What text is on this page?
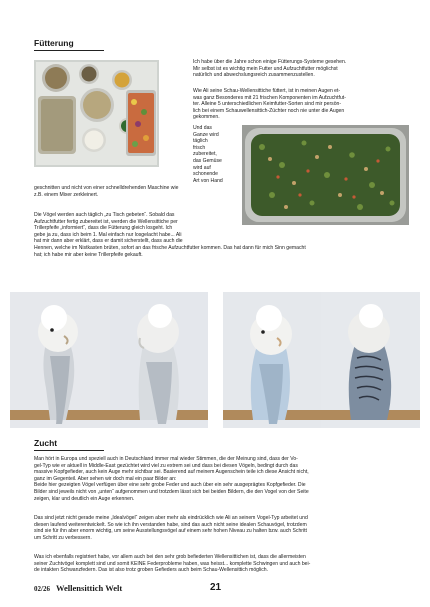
Fütterung

Ich habe über die Jahre schon einige Fütterungs-Systeme gesehen.
Mir selbst ist es wichtig mein Futter und Aufzuchtfutter möglichst
natürlich und abwechslungsreich zusammenzustellen.

Wie Ali seine Schau-Wellensittiche füttert, ist in meinen Augen et-
was ganz Besonderes mit 21 frischen Komponenten im Aufzuchtfut-
ter. Alleine 5 unterschiedlichen Keimfutter-Sorten sind mir persön-
lich bei einem Schauwellensittich-Züchter noch nie unter die Augen
gekommen.

Und das
Ganze wird
täglich
frisch
zubereitet,
das Gemüse
wird auf
schonende
Art von Hand

geschnitten und nicht von einer schnelldrehenden Maschine wie
z.B. einem Mixer zerkleinert.

Die Vögel werden auch täglich „zu Tisch gebeten“. Sobald das
Aufzuchtfutter fertig zubereitet ist, werden die Wellensittiche per
Trillerpfeife „informiert“, dass die Fütterung gleich losgeht. Ich
gebe ja zu, dass ich beim 1. Mal einfach nur losgelacht habe... Ali
hat mir dann aber erklärt, dass er damit sicherstellt, dass auch die
Hennen, welche im Nistkasten brüten, sofort an das frische Aufzuchtfutter kommen. Das hat dann für mich Sinn gemacht
hat; ich habe mir aber keine Trillerpfeife gekauft.

Zucht

Man hört in Europa und speziell auch in Deutschland immer mal wieder Stimmen, die der Meinung sind, dass der Vo-
gel-Typ wie er aktuell in Middle-East gezüchtet wird viel zu extrem sei und dass bei diesen Vögeln, bedingt durch das
massive Kopfgefieder, auch kein Auge mehr sichtbar sei. Basierend auf meinem Augenschein teile ich diese Ansicht nicht,
ganz im Gegenteil. Aber sehen wir doch mal ein paar Bilder an:
Beide hier gezeigten Vögel verfügen über eine sehr grobe Feder und auch über ein sehr ausgeprägtes Kopfgefieder. Die
Bilder sind jeweils nicht von „unten“ aufgenommen und trotzdem lässt sich bei beiden Bildern, die den Vogel von der Seite
zeigen, klar und deutlich ein Auge erkennen.

Das sind jetzt nicht gerade meine „Idealvögel“ zeigen aber mehr als eindrücklich wie Ali an seinem Vogel-Typ arbeitet und
diesen laufend weiterentwickelt. So wie ich ihn verstanden habe, sind das auch nicht seine idealen Schauvögel, trotzdem
sind sie für ihn aber enorm wichtig, um seine Ausstellungsvögel auf einem sehr hohen Niveau zu halten bzw. auch Schritt
um Schritt zu verbessern.

Was ich ebenfalls registriert habe, vor allem auch bei den sehr grob befiederten Wellensittichen ist, dass die allermeisten
seiner Zuchtvögel komplett sind und somit KEINE Federprobleme haben, was heisst... komplette Schwingen und auch bei-
de intakten Schwanzfedern. Das ist also trotz groben Gefieders auch beim Schau-Wellensittich möglich.

02/26 Wellensittich Welt	21
